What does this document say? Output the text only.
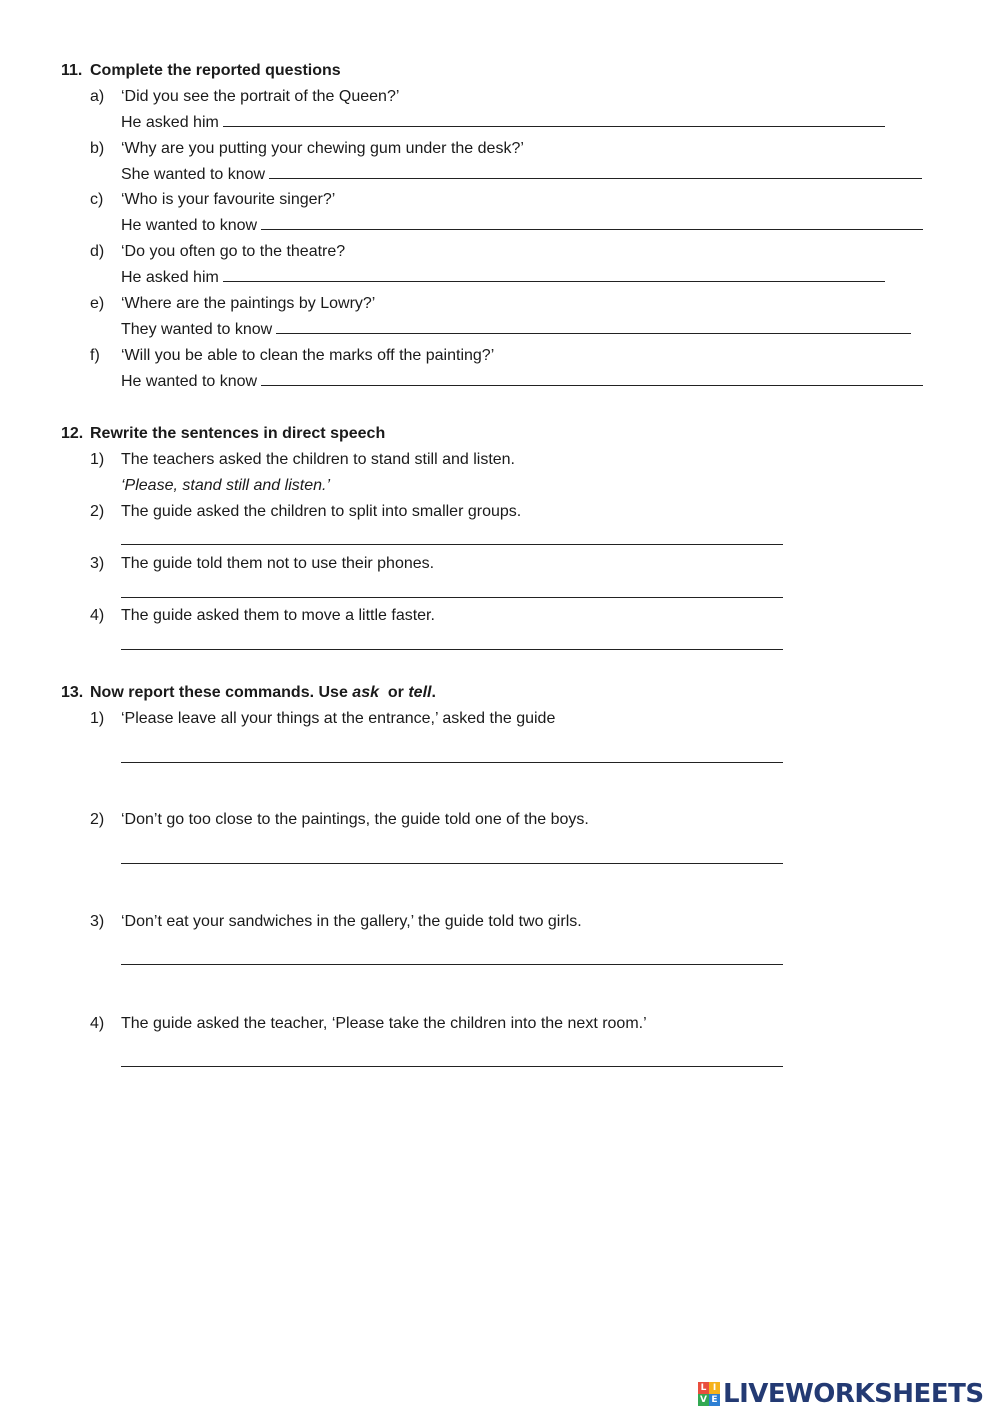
11. Complete the reported questions
a) ‘Did you see the portrait of the Queen?’
He asked him
b) ‘Why are you putting your chewing gum under the desk?’
She wanted to know
c) ‘Who is your favourite singer?’
He wanted to know
d) ‘Do you often go to the theatre?
He asked him
e) ‘Where are the paintings by Lowry?’
They wanted to know
f) ‘Will you be able to clean the marks off the painting?’
He wanted to know
12. Rewrite the sentences in direct speech
1) The teachers asked the children to stand still and listen.
‘Please, stand still and listen.’
2) The guide asked the children to split into smaller groups.
3) The guide told them not to use their phones.
4) The guide asked them to move a little faster.
13. Now report these commands. Use ask or tell.
1) ‘Please leave all your things at the entrance,’ asked the guide
2) ‘Don’t go too close to the paintings, the guide told one of the boys.
3) ‘Don’t eat your sandwiches in the gallery,’ the guide told two girls.
4) The guide asked the teacher, ‘Please take the children into the next room.’
L I
V E LIVEWORKSHEETS
